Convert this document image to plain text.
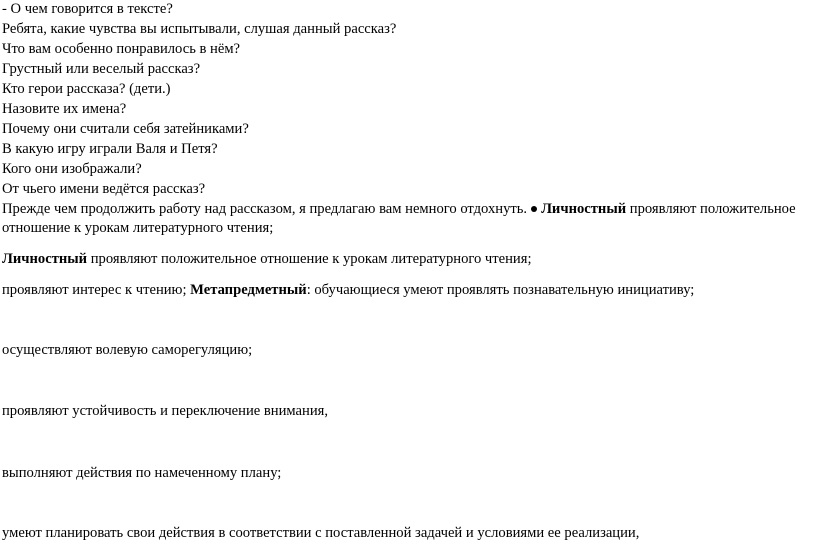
- О чем говорится в тексте?
Ребята, какие чувства вы испытывали, слушая данный рассказ?
Что вам особенно понравилось в нём?
Грустный или веселый рассказ?
Кто герои рассказа? (дети.)
Назовите их имена?
Почему они считали себя затейниками?
В какую игру играли Валя и Петя?
Кого они изображали?
От чьего имени ведётся рассказ?
Прежде чем продолжить работу над рассказом, я предлагаю вам немного отдохнуть. Личностный проявляют положительное
отношение к урокам литературного чтения;
Личностный проявляют положительное отношение к урокам литературного чтения;
проявляют интерес к чтению; Метапредметный: обучающиеся умеют проявлять познавательную инициативу;
осуществляют волевую саморегуляцию;
проявляют устойчивость и переключение внимания,
выполняют действия по намеченному плану;
умеют планировать свои действия в соответствии с поставленной задачей и условиями ее реализации,
